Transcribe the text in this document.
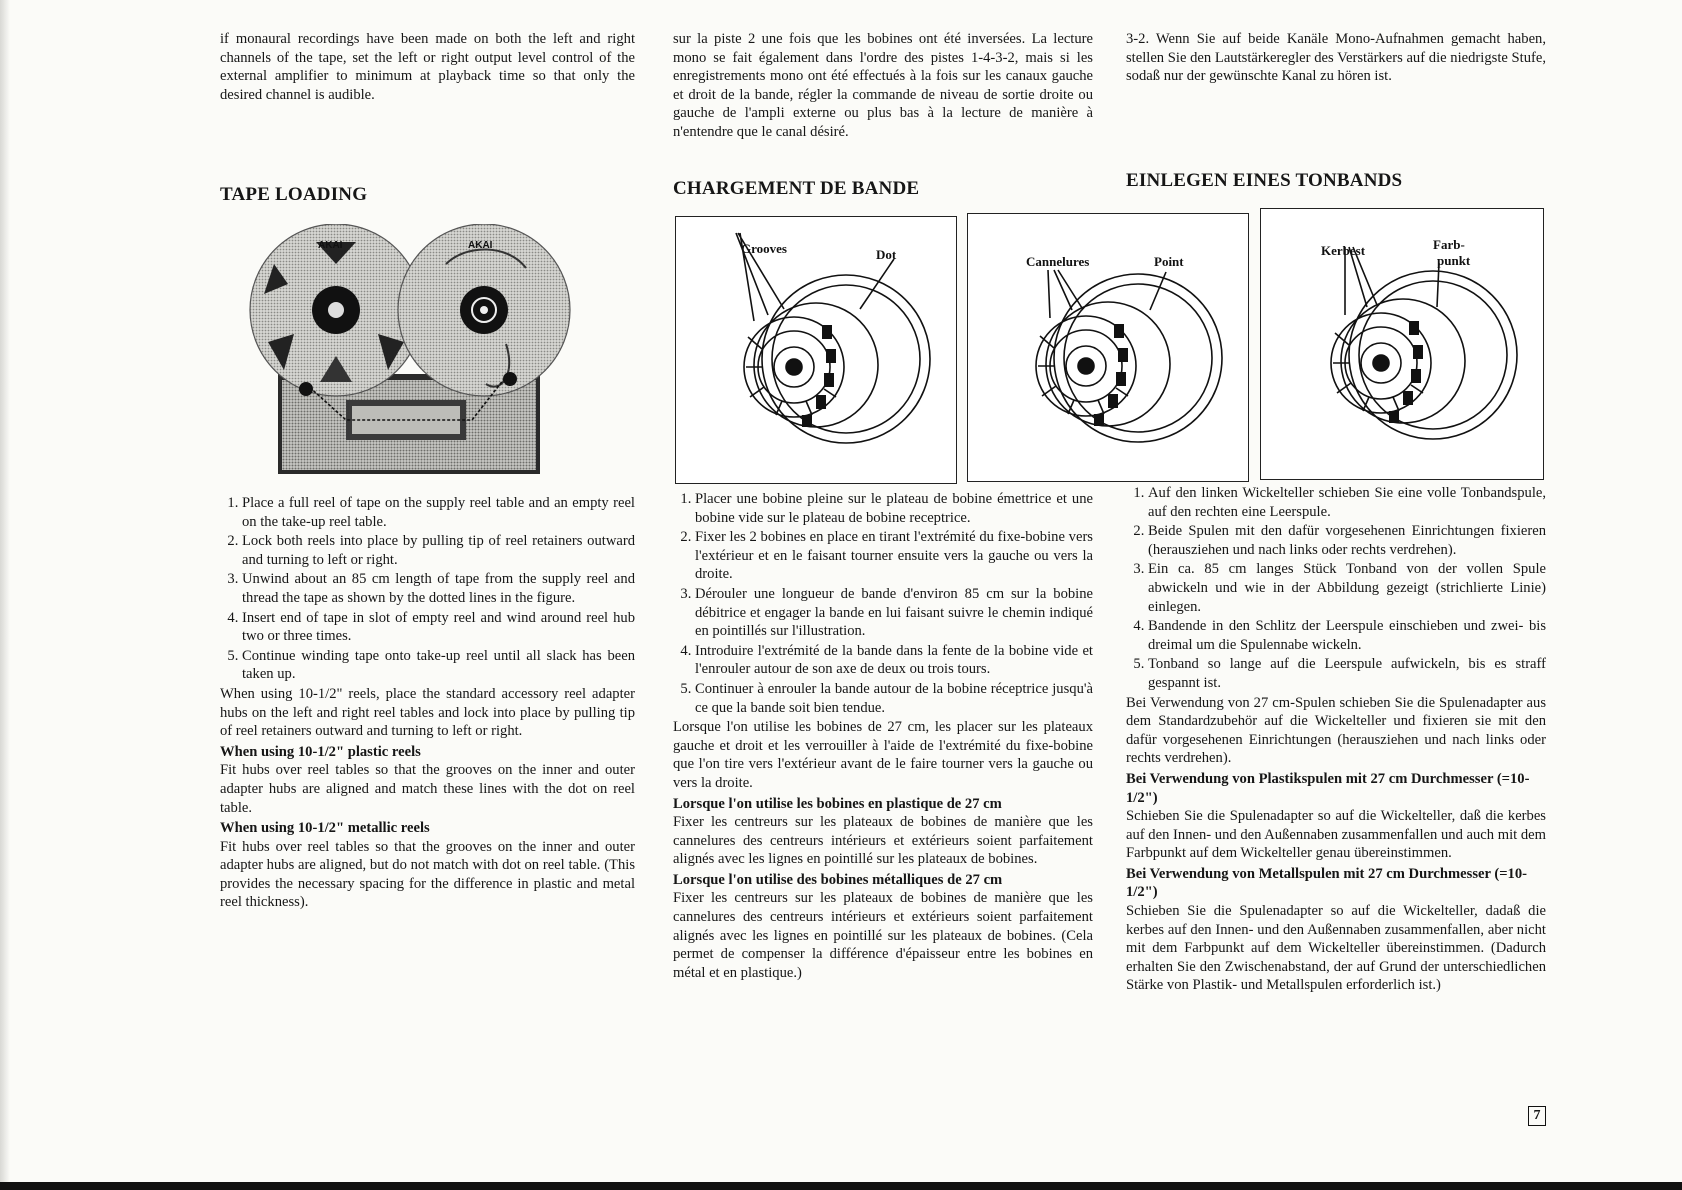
if monaural recordings have been made on both the left and right channels of the tape, set the left or right output level control of the external amplifier to minimum at playback time so that only the desired channel is audible.

TAPE LOADING
1. Place a full reel of tape on the supply reel table and an empty reel on the take-up reel table.
2. Lock both reels into place by pulling tip of reel retainers outward and turning to left or right.
3. Unwind about an 85 cm length of tape from the supply reel and thread the tape as shown by the dotted lines in the figure.
4. Insert end of tape in slot of empty reel and wind around reel hub two or three times.
5. Continue winding tape onto take-up reel until all slack has been taken up.

When using 10-1/2" reels, place the standard accessory reel adapter hubs on the left and right reel tables and lock into place by pulling tip of reel retainers outward and turning to left or right.

When using 10-1/2" plastic reels

Fit hubs over reel tables so that the grooves on the inner and outer adapter hubs are aligned and match these lines with the dot on reel table.

When using 10-1/2" metallic reels

Fit hubs over reel tables so that the grooves on the inner and outer adapter hubs are aligned, but do not match with dot on reel table. (This provides the necessary spacing for the difference in plastic and metal reel thickness).

AKAI	AKAI

sur la piste 2 une fois que les bobines ont été inversées. La lecture mono se fait également dans l'ordre des pistes 1-4-3-2, mais si les enregistrements mono ont été effectués à la fois sur les canaux gauche et droit de la bande, régler la commande de niveau de sortie droite ou gauche de l'ampli externe ou plus bas à la lecture de manière à n'entendre que le canal désiré.

CHARGEMENT DE BANDE
1. Placer une bobine pleine sur le plateau de bobine émettrice et une bobine vide sur le plateau de bobine receptrice.
2. Fixer les 2 bobines en place en tirant l'extrémité du fixe-bobine vers l'extérieur et en le faisant tourner ensuite vers la gauche ou vers la droite.
3. Dérouler une longueur de bande d'environ 85 cm sur la bobine débitrice et engager la bande en lui faisant suivre le chemin indiqué en pointillés sur l'illustration.
4. Introduire l'extrémité de la bande dans la fente de la bobine vide et l'enrouler autour de son axe de deux ou trois tours.
5. Continuer à enrouler la bande autour de la bobine réceptrice jusqu'à ce que la bande soit bien tendue.

Lorsque l'on utilise les bobines de 27 cm, les placer sur les plateaux gauche et droit et les verrouiller à l'aide de l'extrémité du fixe-bobine que l'on tire vers l'extérieur avant de le faire tourner vers la gauche ou vers la droite.

Lorsque l'on utilise les bobines en plastique de 27 cm

Fixer les centreurs sur les plateaux de bobines de manière que les cannelures des centreurs intérieurs et extérieurs soient parfaitement alignés avec les lignes en pointillé sur les plateaux de bobines.

Lorsque l'on utilise des bobines métalliques de 27 cm

Fixer les centreurs sur les plateaux de bobines de manière que les cannelures des centreurs intérieurs et extérieurs soient parfaitement alignés avec les lignes en pointillé sur les plateaux de bobines. (Cela permet de compenser la différence d'épaisseur entre les bobines en métal et en plastique.)

3-2. Wenn Sie auf beide Kanäle Mono-Aufnahmen gemacht haben, stellen Sie den Lautstärkeregler des Verstärkers auf die niedrigste Stufe, sodaß nur der gewünschte Kanal zu hören ist.

EINLEGEN EINES TONBANDS
1. Auf den linken Wickelteller schieben Sie eine volle Tonbandspule, auf den rechten eine Leerspule.
2. Beide Spulen mit den dafür vorgesehenen Einrichtungen fixieren (herausziehen und nach links oder rechts verdrehen).
3. Ein ca. 85 cm langes Stück Tonband von der vollen Spule abwickeln und wie in der Abbildung gezeigt (strichlierte Linie) einlegen.
4. Bandende in den Schlitz der Leerspule einschieben und zwei- bis dreimal um die Spulennabe wickeln.
5. Tonband so lange auf die Leerspule aufwickeln, bis es straff gespannt ist.

Bei Verwendung von 27 cm-Spulen schieben Sie die Spulenadapter aus dem Standardzubehör auf die Wickelteller und fixieren sie mit den dafür vorgesehenen Einrichtungen (herausziehen und nach links oder rechts verdrehen).

Bei Verwendung von Plastikspulen mit 27 cm Durchmesser (=10-1/2")

Schieben Sie die Spulenadapter so auf die Wickelteller, daß die kerbes auf den Innen- und den Außennaben zusammenfallen und auch mit dem Farbpunkt auf dem Wickelteller genau übereinstimmen.

Bei Verwendung von Metallspulen mit 27 cm Durchmesser (=10-1/2")

Schieben Sie die Spulenadapter so auf die Wickelteller, dadaß die kerbes auf den Innen- und den Außennaben zusammenfallen, aber nicht mit dem Farbpunkt auf dem Wickelteller übereinstimmen. (Dadurch erhalten Sie den Zwischenabstand, der auf Grund der unterschiedlichen Stärke von Plastik- und Metallspulen erforderlich ist.)

Grooves	Dot	Cannelures	Point
Kerbest	Farb-
punkt
7
